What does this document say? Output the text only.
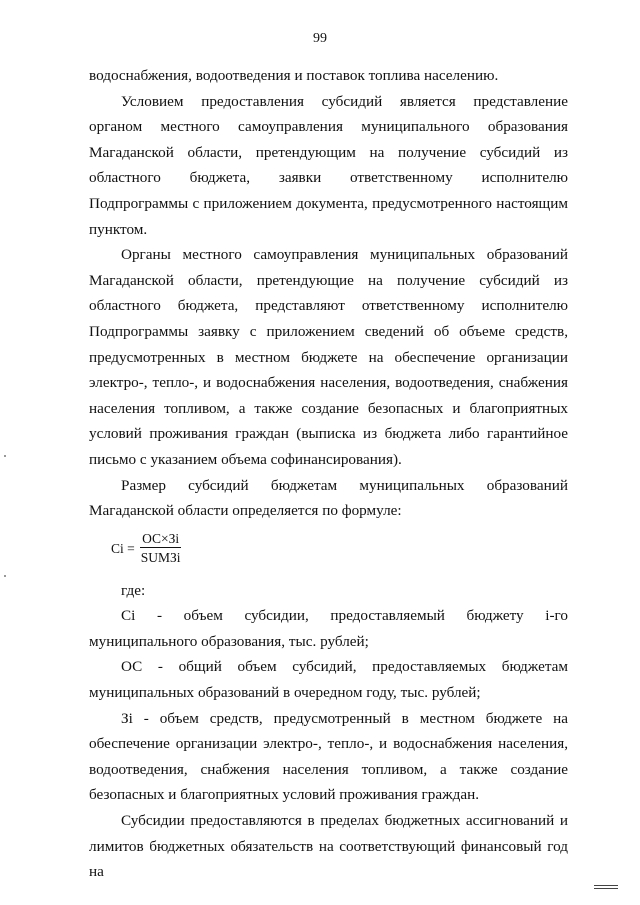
99

водоснабжения, водоотведения и поставок топлива населению.

Условием предоставления субсидий является представление органом местного самоуправления муниципального образования Магаданской области, претендующим на получение субсидий из областного бюджета, заявки ответственному исполнителю Подпрограммы с приложением документа, предусмотренного настоящим пунктом.

Органы местного самоуправления муниципальных образований Магаданской области, претендующие на получение субсидий из областного бюджета, представляют ответственному исполнителю Подпрограммы заявку с приложением сведений об объеме средств, предусмотренных в местном бюджете на обеспечение организации электро-, тепло-, и водоснабжения населения, водоотведения, снабжения населения топливом, а также создание безопасных и благоприятных условий проживания граждан (выписка из бюджета либо гарантийное письмо с указанием объема софинансирования).

Размер субсидий бюджетам муниципальных образований Магаданской области определяется по формуле:

$Ci = \frac{ОС\times Зi}{\text{SUMЗi}}$

где:

Ci - объем субсидии, предоставляемый бюджету i-го муниципального образования, тыс. рублей;

ОС - общий объем субсидий, предоставляемых бюджетам муниципальных образований в очередном году, тыс. рублей;

Зi - объем средств, предусмотренный в местном бюджете на обеспечение организации электро-, тепло-, и водоснабжения населения, водоотведения, снабжения населения топливом, а также создание безопасных и благоприятных условий проживания граждан.

Субсидии предоставляются в пределах бюджетных ассигнований и лимитов бюджетных обязательств на соответствующий финансовый год на
